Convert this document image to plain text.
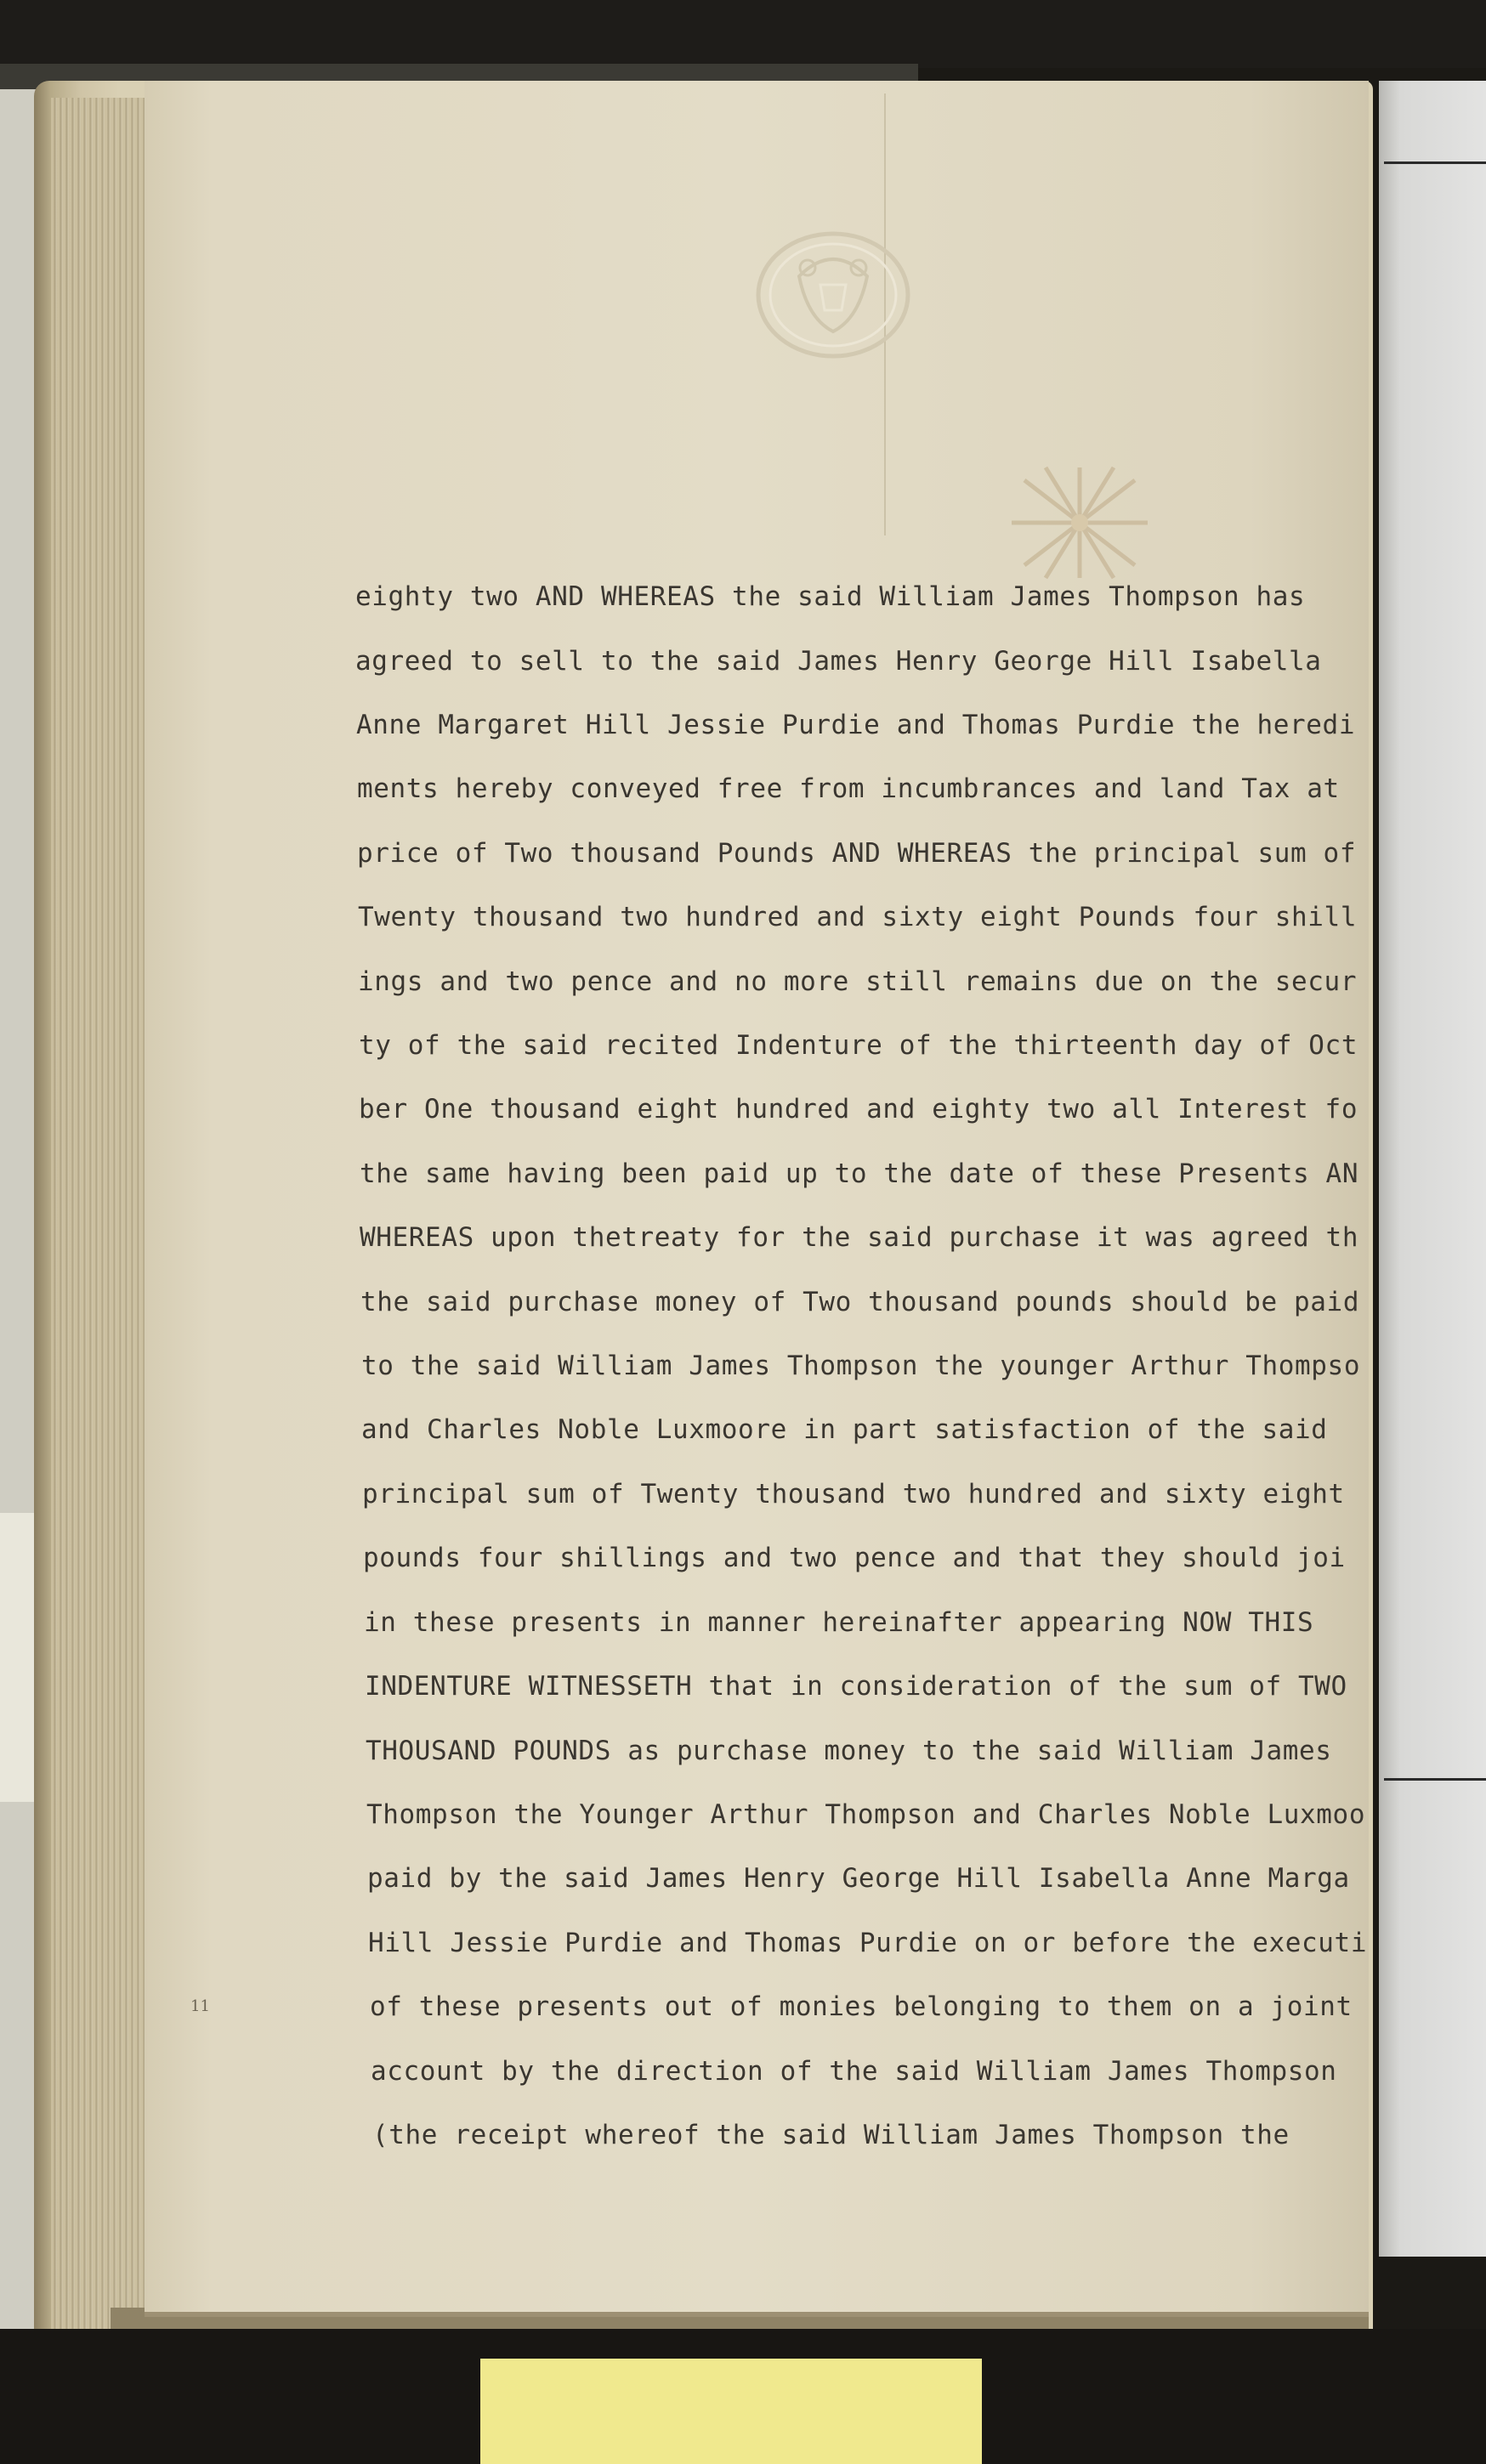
11
eighty two AND WHEREAS the said William James Thompson has
agreed to sell to the said James Henry George Hill Isabella
Anne Margaret Hill Jessie Purdie and Thomas Purdie the heredi
ments hereby conveyed free from incumbrances and land Tax at
price of Two thousand Pounds AND WHEREAS the principal sum of
Twenty thousand two hundred and sixty eight Pounds four shill
ings and two pence and no more still remains due on the secur
ty of the said recited Indenture of the thirteenth day of Oct
ber One thousand eight hundred and eighty two all Interest fo
the same having been paid up to the date of these Presents AN
WHEREAS upon thetreaty for the said purchase it was agreed th
the said purchase money of Two thousand pounds should be paid
to the said William James Thompson the younger Arthur Thompso
and Charles Noble Luxmoore in part satisfaction of the said
principal sum of Twenty thousand two hundred and sixty eight
pounds four shillings and two pence and that they should joi
in these presents in manner hereinafter appearing NOW THIS
INDENTURE WITNESSETH that in consideration of the sum of TWO
THOUSAND POUNDS as purchase money to the said William James
Thompson the Younger Arthur Thompson and Charles Noble Luxmoo
paid by the said James Henry George Hill Isabella Anne Marga
Hill Jessie Purdie and Thomas Purdie on or before the executi
of these presents out of monies belonging to them on a joint
account by the direction of the said William James Thompson
(the receipt whereof the said William James Thompson the
